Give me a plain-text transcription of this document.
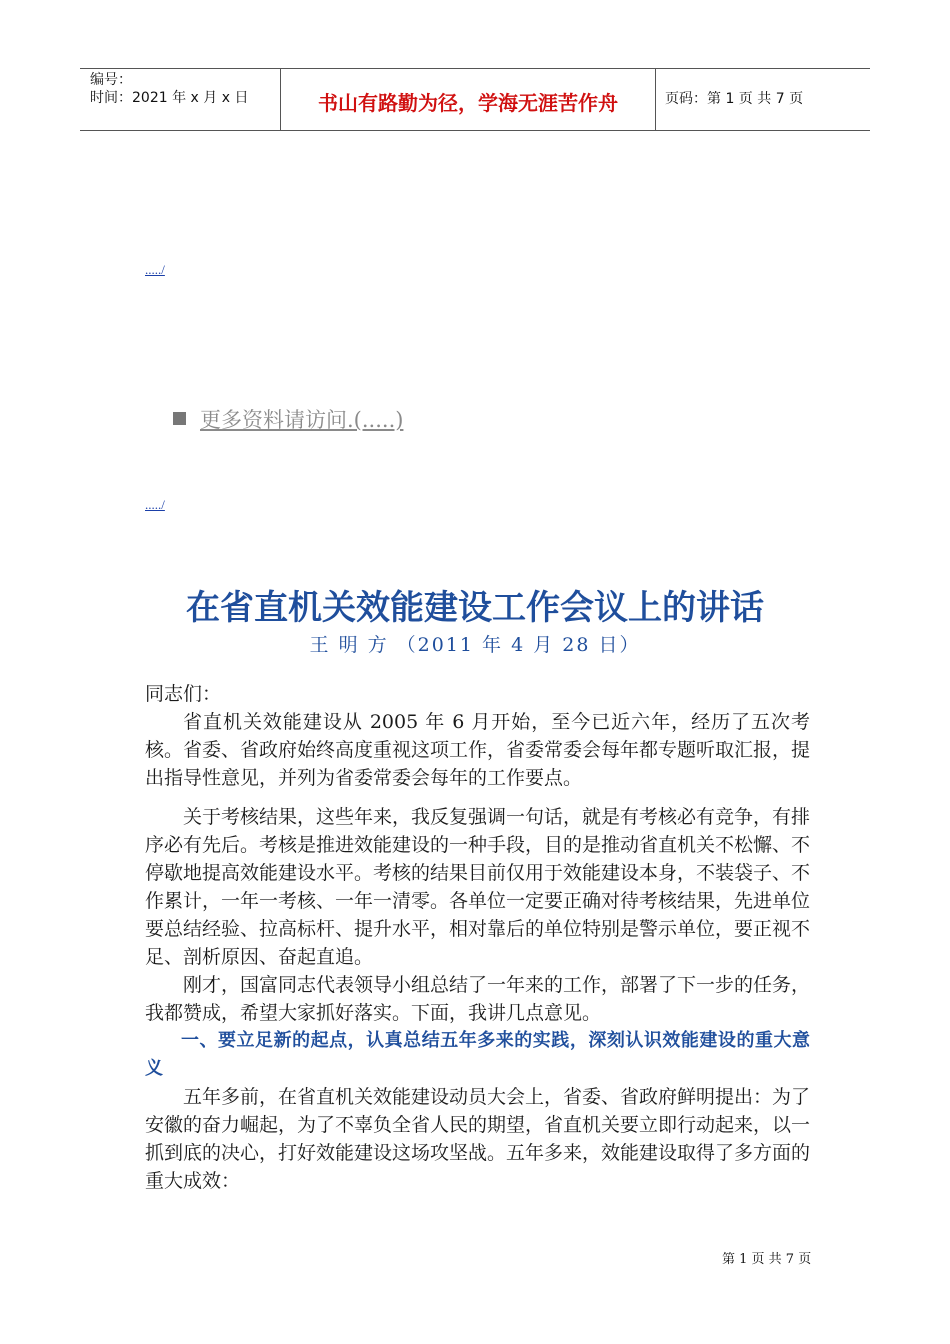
编号：
时间：2021 年 x 月 x 日	书山有路勤为径，学海无涯苦作舟	页码：第 1 页 共 7 页
...../
更多资料请访问.(.....)
...../
在省直机关效能建设工作会议上的讲话
王 明 方 （2011 年 4 月 28 日）

同志们：

省直机关效能建设从 2005 年 6 月开始，至今已近六年，经历了五次考核。省委、省政府始终高度重视这项工作，省委常委会每年都专题听取汇报，提出指导性意见，并列为省委常委会每年的工作要点。

关于考核结果，这些年来，我反复强调一句话，就是有考核必有竞争，有排序必有先后。考核是推进效能建设的一种手段，目的是推动省直机关不松懈、不停歇地提高效能建设水平。考核的结果目前仅用于效能建设本身，不装袋子、不作累计，一年一考核、一年一清零。各单位一定要正确对待考核结果，先进单位要总结经验、拉高标杆、提升水平，相对靠后的单位特别是警示单位，要正视不足、剖析原因、奋起直追。

刚才，国富同志代表领导小组总结了一年来的工作，部署了下一步的任务，我都赞成，希望大家抓好落实。下面，我讲几点意见。

一、要立足新的起点，认真总结五年多来的实践，深刻认识效能建设的重大意义

五年多前，在省直机关效能建设动员大会上，省委、省政府鲜明提出：为了安徽的奋力崛起，为了不辜负全省人民的期望，省直机关要立即行动起来，以一抓到底的决心，打好效能建设这场攻坚战。五年多来，效能建设取得了多方面的重大成效：

第 1 页 共 7 页
